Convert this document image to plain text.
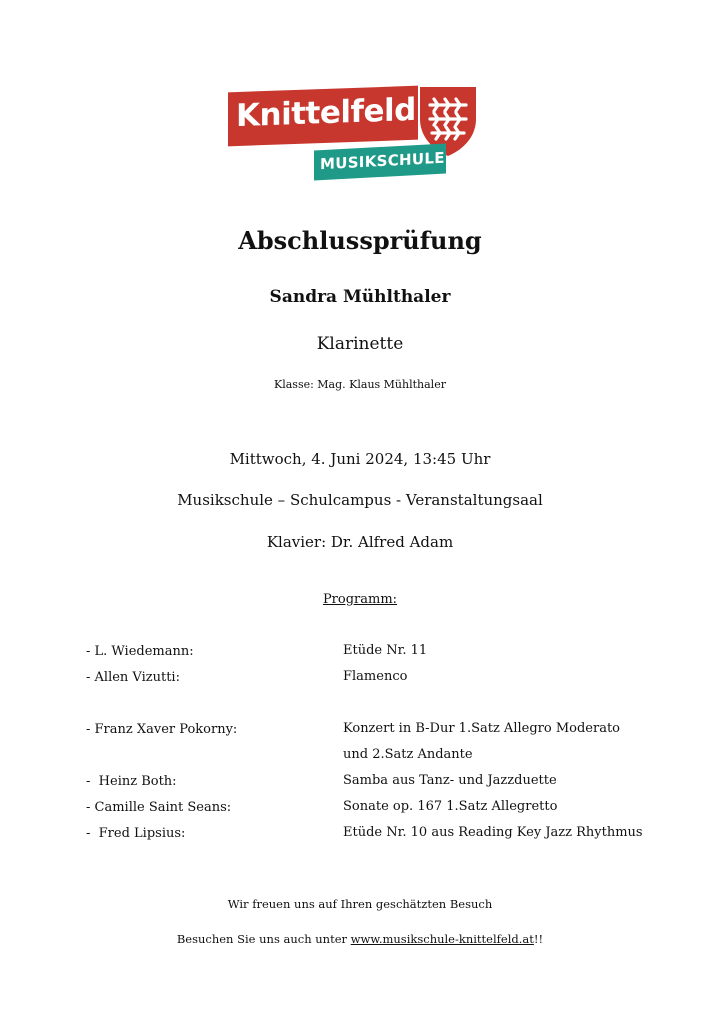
Knittelfeld
MUSIKSCHULE
Abschlussprüfung
Sandra Mühlthaler
Klarinette
Klasse: Mag. Klaus Mühlthaler
Mittwoch, 4. Juni 2024, 13:45 Uhr
Musikschule – Schulcampus - Veranstaltungsaal
Klavier: Dr. Alfred Adam
Programm:
- L. Wiedemann:	Etüde Nr. 11
- Allen Vizutti:	Flamenco
- Franz Xaver Pokorny:	Konzert in B-Dur 1.Satz Allegro Moderato und 2.Satz Andante
-  Heinz Both:	Samba aus Tanz- und Jazzduette
- Camille Saint Seans:	Sonate op. 167 1.Satz Allegretto
-  Fred Lipsius:	Etüde Nr. 10 aus Reading Key Jazz Rhythmus
Wir freuen uns auf Ihren geschätzten Besuch
Besuchen Sie uns auch unter www.musikschule-knittelfeld.at!!
